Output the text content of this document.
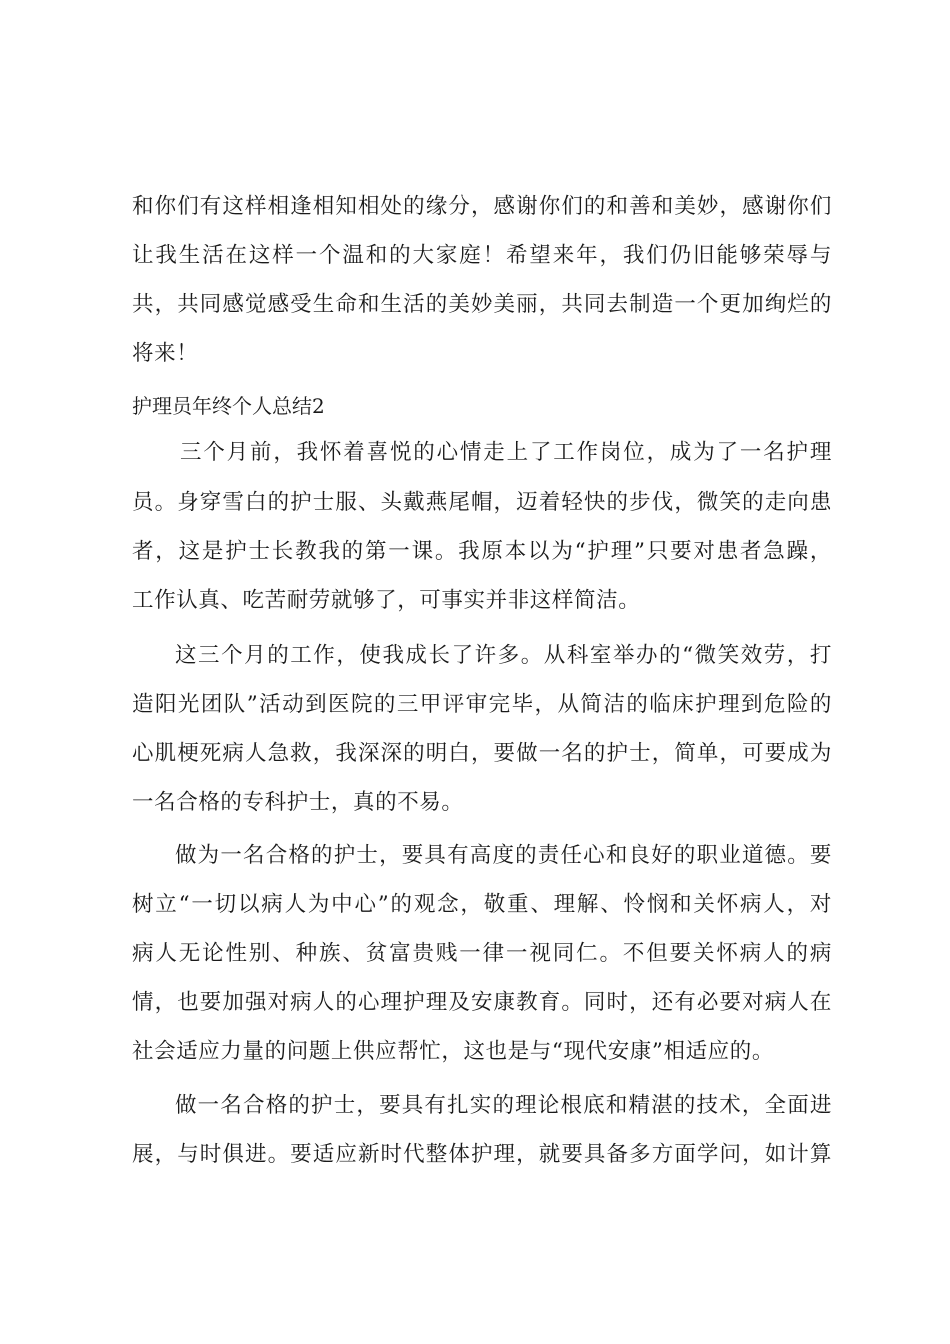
和你们有这样相逢相知相处的缘分，感谢你们的和善和美妙，感谢你们
让我生活在这样一个温和的大家庭！希望来年，我们仍旧能够荣辱与
共，共同感觉感受生命和生活的美妙美丽，共同去制造一个更加绚烂的
将来！
护理员年终个人总结2
三个月前，我怀着喜悦的心情走上了工作岗位，成为了一名护理
员。身穿雪白的护士服、头戴燕尾帽，迈着轻快的步伐，微笑的走向患
者，这是护士长教我的第一课。我原本以为“护理”只要对患者急躁，
工作认真、吃苦耐劳就够了，可事实并非这样简洁。
这三个月的工作，使我成长了许多。从科室举办的“微笑效劳，打
造阳光团队”活动到医院的三甲评审完毕，从简洁的临床护理到危险的
心肌梗死病人急救，我深深的明白，要做一名的护士，简单，可要成为
一名合格的专科护士，真的不易。
做为一名合格的护士，要具有高度的责任心和良好的职业道德。要
树立“一切以病人为中心”的观念，敬重、理解、怜悯和关怀病人，对
病人无论性别、种族、贫富贵贱一律一视同仁。不但要关怀病人的病
情，也要加强对病人的心理护理及安康教育。同时，还有必要对病人在
社会适应力量的问题上供应帮忙，这也是与“现代安康”相适应的。
做一名合格的护士，要具有扎实的理论根底和精湛的技术，全面进
展，与时俱进。要适应新时代整体护理，就要具备多方面学问，如计算
